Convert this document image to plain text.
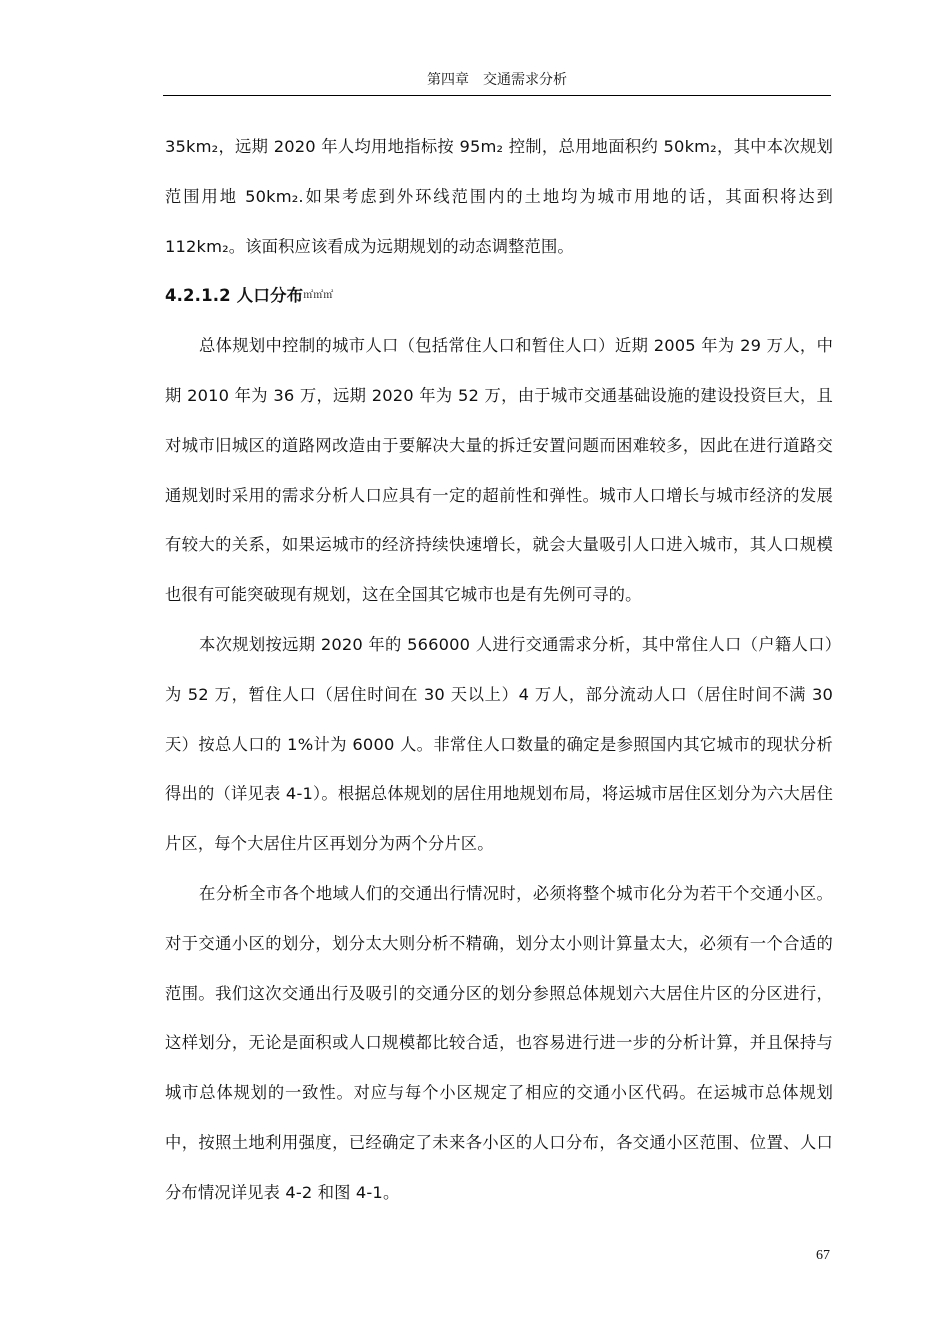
第四章　交通需求分析

35km₂，远期 2020 年人均用地指标按 95m₂ 控制，总用地面积约 50km₂，其中本次规划范围用地 50km₂.如果考虑到外环线范围内的土地均为城市用地的话，其面积将达到 112km₂。该面积应该看成为远期规划的动态调整范围。

4.2.1.2 人口分布㎡㎡㎡

总体规划中控制的城市人口（包括常住人口和暂住人口）近期 2005 年为 29 万人，中期 2010 年为 36 万，远期 2020 年为 52 万，由于城市交通基础设施的建设投资巨大，且对城市旧城区的道路网改造由于要解决大量的拆迁安置问题而困难较多，因此在进行道路交通规划时采用的需求分析人口应具有一定的超前性和弹性。城市人口增长与城市经济的发展有较大的关系，如果运城市的经济持续快速增长，就会大量吸引人口进入城市，其人口规模也很有可能突破现有规划，这在全国其它城市也是有先例可寻的。

本次规划按远期 2020 年的 566000 人进行交通需求分析，其中常住人口（户籍人口）为 52 万，暂住人口（居住时间在 30 天以上）4 万人，部分流动人口（居住时间不满 30 天）按总人口的 1%计为 6000 人。非常住人口数量的确定是参照国内其它城市的现状分析得出的（详见表 4-1）。根据总体规划的居住用地规划布局，将运城市居住区划分为六大居住片区，每个大居住片区再划分为两个分片区。

在分析全市各个地域人们的交通出行情况时，必须将整个城市化分为若干个交通小区。对于交通小区的划分，划分太大则分析不精确，划分太小则计算量太大，必须有一个合适的范围。我们这次交通出行及吸引的交通分区的划分参照总体规划六大居住片区的分区进行，这样划分，无论是面积或人口规模都比较合适，也容易进行进一步的分析计算，并且保持与城市总体规划的一致性。对应与每个小区规定了相应的交通小区代码。在运城市总体规划中，按照土地利用强度，已经确定了未来各小区的人口分布，各交通小区范围、位置、人口分布情况详见表 4-2 和图 4-1。

67
